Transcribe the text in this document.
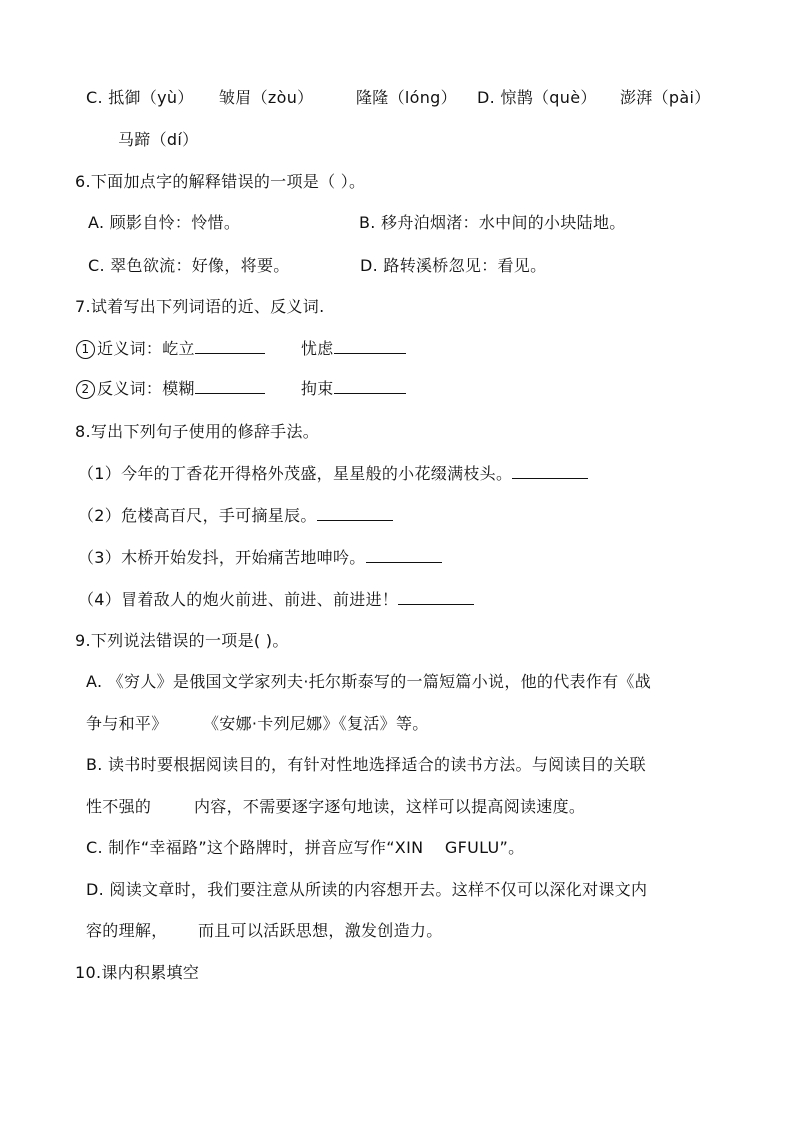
C. 抵御（yù） 皱眉（zòu）	隆隆（lóng） D. 惊鹊（què） 澎湃（pài）
马蹄（dí）
6.下面加点字的解释错误的一项是（ ）。
A. 顾影自怜：怜惜。	B. 移舟泊烟渚：水中间的小块陆地。
C. 翠色欲流：好像，将要。	D. 路转溪桥忽见：看见。
7.试着写出下列词语的近、反义词.
1 近义词：屹立	忧虑
2 反义词：模糊	拘束
8.写出下列句子使用的修辞手法。
（1）今年的丁香花开得格外茂盛，星星般的小花缀满枝头。
（2）危楼高百尺，手可摘星辰。
（3）木桥开始发抖，开始痛苦地呻吟。
（4）冒着敌人的炮火前进、前进、前进进！
9.下列说法错误的一项是( )。
A. 《穷人》是俄国文学家列夫·托尔斯泰写的一篇短篇小说，他的代表作有《战
争与和平》 《安娜·卡列尼娜》《复活》等。
B. 读书时要根据阅读目的，有针对性地选择适合的读书方法。与阅读目的关联
性不强的	内容，不需要逐字逐句地读，这样可以提高阅读速度。
C. 制作“幸福路”这个路牌时，拼音应写作“XIN    GFULU”。
D. 阅读文章时，我们要注意从所读的内容想开去。这样不仅可以深化对课文内
容的理解， 而且可以活跃思想，激发创造力。
10.课内积累填空
